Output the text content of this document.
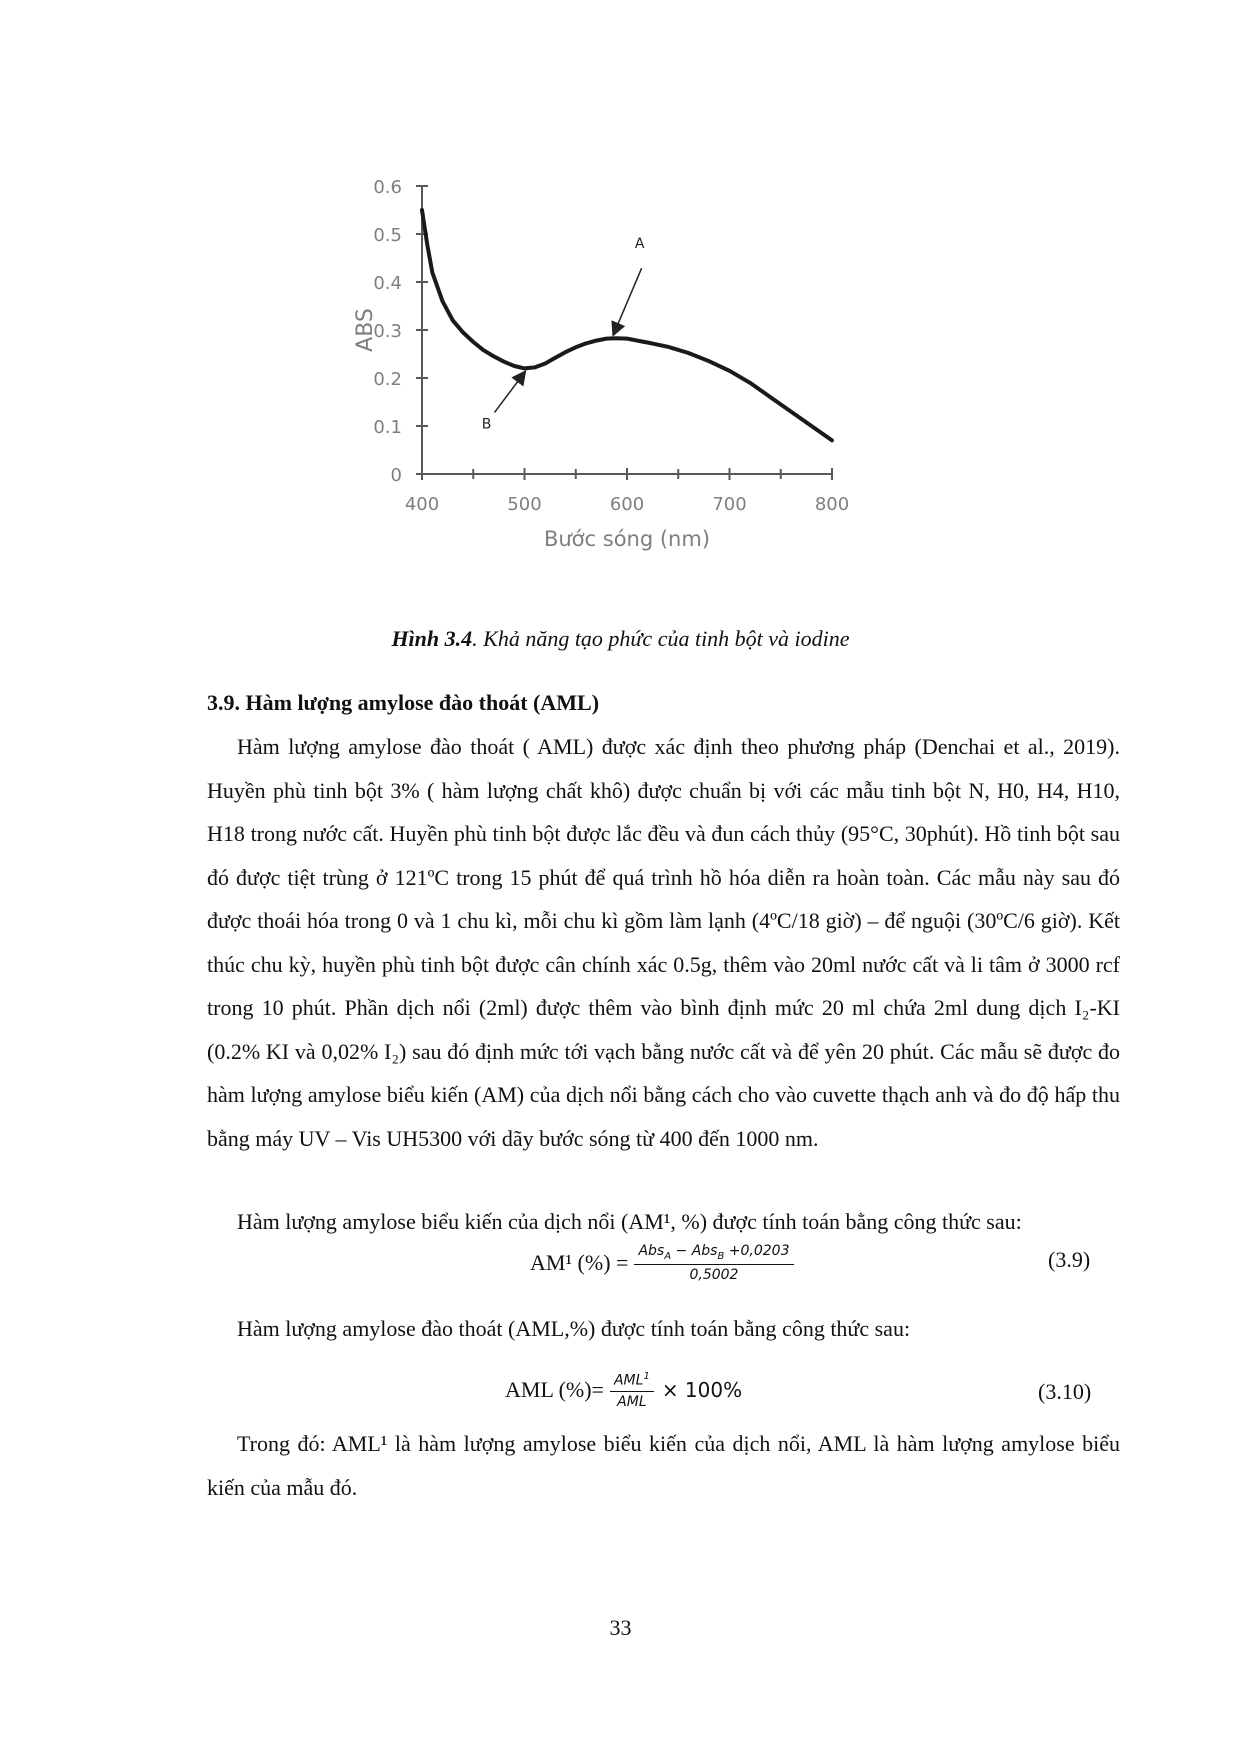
0
0.1
0.2
0.3
0.4
0.5
0.6
400	500	600	700	800
A
B
ABS
Bước sóng (nm)
Hình 3.4. Khả năng tạo phức của tinh bột và iodine
3.9. Hàm lượng amylose đào thoát (AML)
Hàm lượng amylose đào thoát ( AML) được xác định theo phương pháp (Denchai et al., 2019). Huyền phù tinh bột 3% ( hàm lượng chất khô) được chuẩn bị với các mẫu tinh bột N, H0, H4, H10, H18 trong nước cất. Huyền phù tinh bột được lắc đều và đun cách thủy (95°C, 30phút). Hồ tinh bột sau đó được tiệt trùng ở 121ºC trong 15 phút để quá trình hồ hóa diễn ra hoàn toàn. Các mẫu này sau đó được thoái hóa trong 0 và 1 chu kì, mỗi chu kì gồm làm lạnh (4ºC/18 giờ) – để nguội (30ºC/6 giờ). Kết thúc chu kỳ, huyền phù tinh bột được cân chính xác 0.5g, thêm vào 20ml nước cất và li tâm ở 3000 rcf trong 10 phút. Phần dịch nổi (2ml) được thêm vào bình định mức 20 ml chứa 2ml dung dịch I₂-KI (0.2% KI và 0,02% I₂) sau đó định mức tới vạch bằng nước cất và để yên 20 phút. Các mẫu sẽ được đo hàm lượng amylose biểu kiến (AM) của dịch nổi bằng cách cho vào cuvette thạch anh và đo độ hấp thu bằng máy UV – Vis UH5300 với dãy bước sóng từ 400 đến 1000 nm.
Hàm lượng amylose biểu kiến của dịch nổi (AM¹, %) được tính toán bằng công thức sau:
AM¹ (%) = $\frac{Abs_A - Abs_B +0,0203}{0,5002}$	(3.9)
Hàm lượng amylose đào thoát (AML,%) được tính toán bằng công thức sau:
AML (%)= $\frac{AML^1}{\text{AML}} \times 100\%$	(3.10)
Trong đó: AML¹ là hàm lượng amylose biểu kiến của dịch nổi, AML là hàm lượng amylose biểu kiến của mẫu đó.
33
